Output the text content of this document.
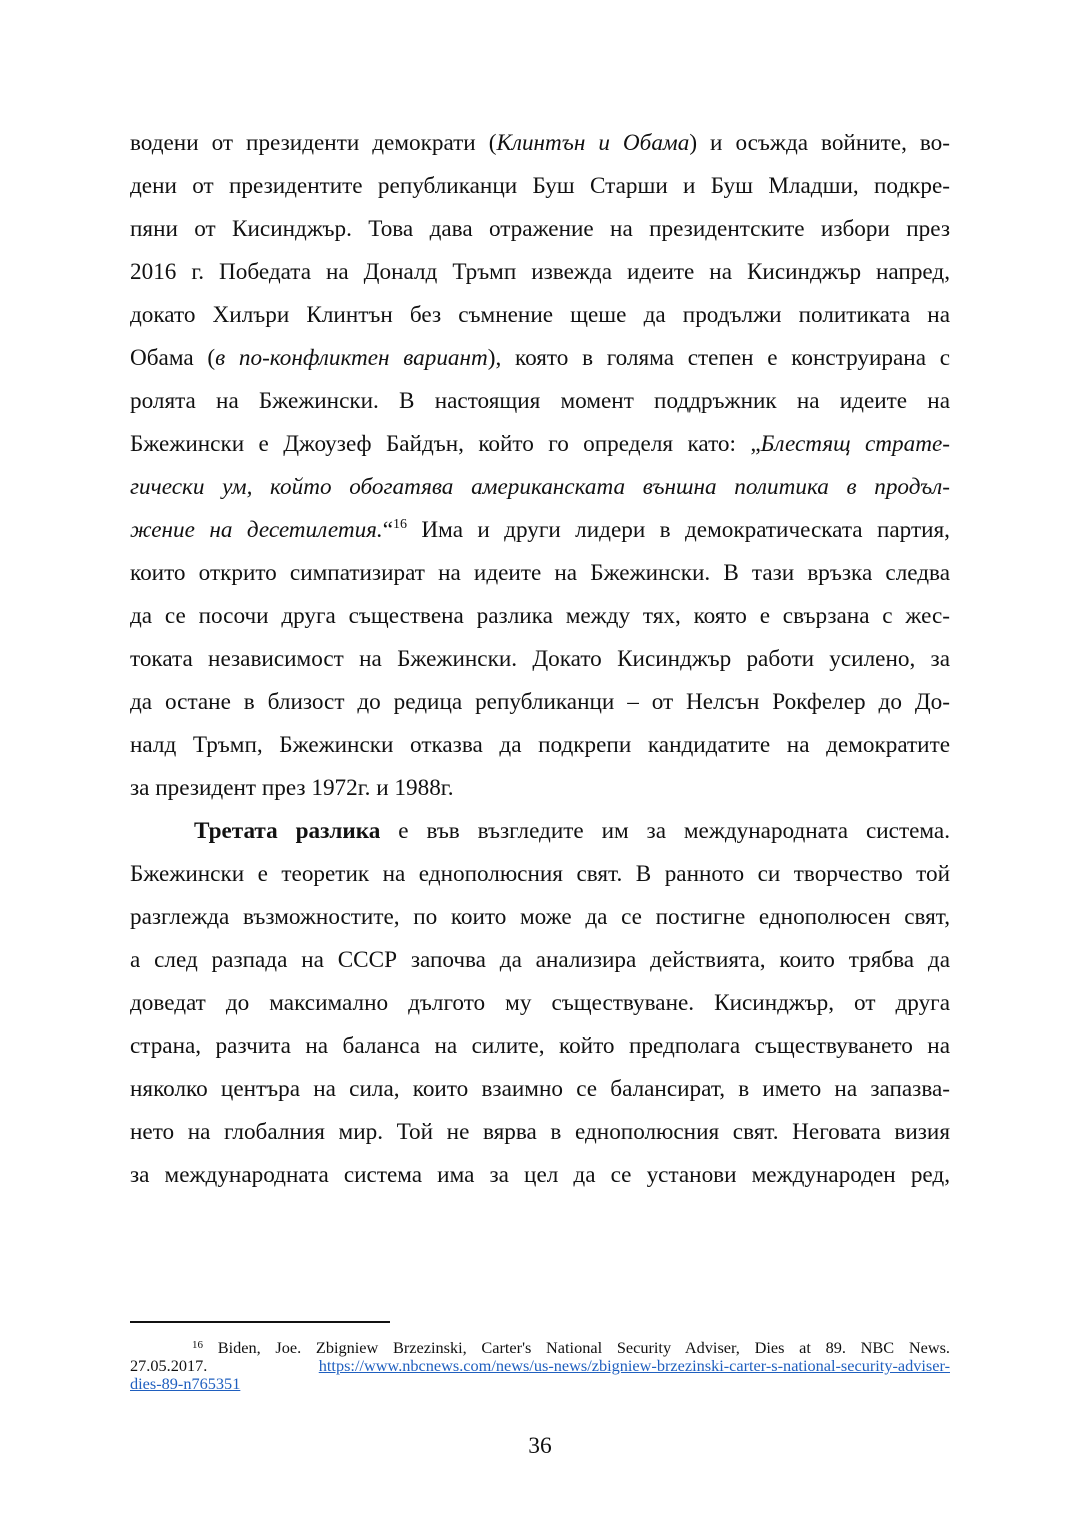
водени от президенти демократи (Клинтън и Обама) и осъжда войните, во-
дени от президентите републиканци Буш Старши и Буш Младши, подкре-
пяни от Кисинджър. Това дава отражение на президентските избори през
2016 г. Победата на Доналд Тръмп извежда идеите на Кисинджър напред,
докато Хилъри Клинтън без съмнение щеше да продължи политиката на
Обама (в по-конфликтен вариант), която в голяма степен е конструирана с
ролята на Бжежински. В настоящия момент поддръжник на идеите на
Бжежински е Джоузеф Байдън, който го определя като: „Блестящ страте-
гически ум, който обогатява американската външна политика в продъл-
жение на десетилетия.“$^{16}$ Има и други лидери в демократическата партия,
които открито симпатизират на идеите на Бжежински. В тази връзка следва
да се посочи друга съществена разлика между тях, която е свързана с жес-
токата независимост на Бжежински. Докато Кисинджър работи усилено, за
да остане в близост до редица републиканци – от Нелсън Рокфелер до До-
налд Тръмп, Бжежински отказва да подкрепи кандидатите на демократите
за президент през 1972г. и 1988г.
Третата разлика е във възгледите им за международната система.
Бжежински е теоретик на еднополюсния свят. В ранното си творчество той
разглежда възможностите, по които може да се постигне еднополюсен свят,
а след разпада на СССР започва да анализира действията, които трябва да
доведат до максимално дългото му съществуване. Кисинджър, от друга
страна, разчита на баланса на силите, който предполага съществуването на
няколко центъра на сила, които взаимно се балансират, в името на запазва-
нето на глобалния мир. Той не вярва в еднополюсния свят. Неговата визия
за международната система има за цел да се установи международен ред,
$^{16}$ Biden, Joe. Zbigniew Brzezinski, Carter's National Security Adviser, Dies at 89. NBC News.
27.05.2017.	https://www.nbcnews.com/news/us-news/zbigniew-brzezinski-carter-s-national-security-adviser-
dies-89-n765351
36
